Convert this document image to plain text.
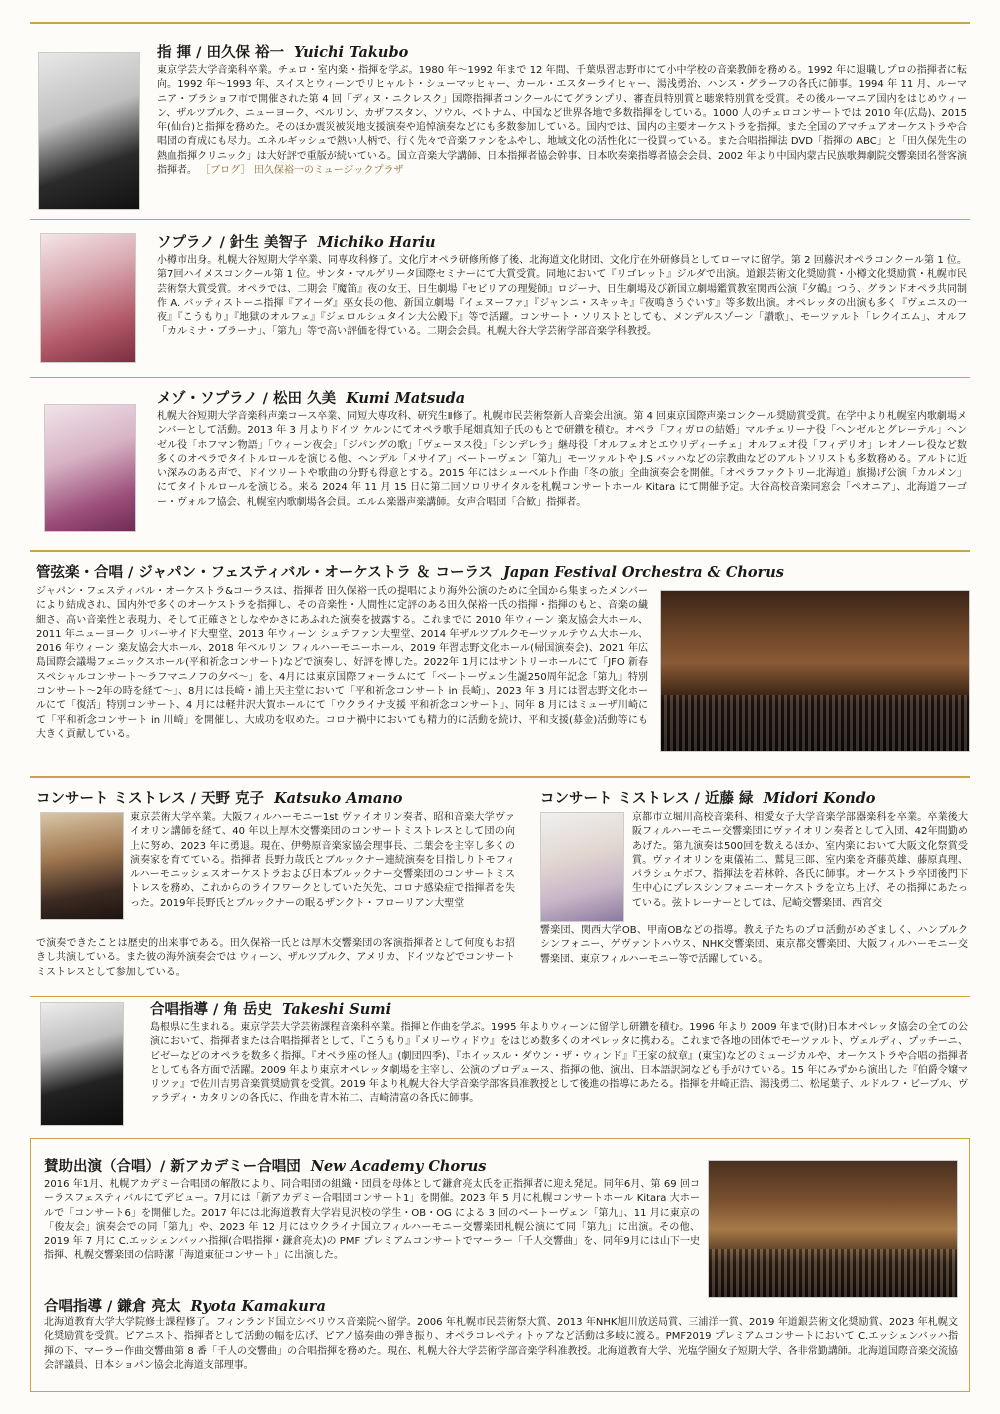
指 揮 / 田久保 裕一 Yuichi Takubo
東京学芸大学音楽科卒業。チェロ・室内楽・指揮を学ぶ。1980 年～1992 年まで 12 年間、千葉県習志野市にて小中学校の音楽教師を務める。1992 年に退職しプロの指揮者に転向。1992 年～1993 年、スイスとウィーンでリヒャルト・シューマッヒャー、カール・エスターライヒャー、湯浅勇治、ハンス・グラーフの各氏に師事。1994 年 11 月、ルーマニア・ブラショフ市で開催された第 4 回「ディヌ・ニクレスク」国際指揮者コンクールにてグランプリ、審査員特別賞と聴衆特別賞を受賞。その後ルーマニア国内をはじめウィーン、ザルツブルク、ニューヨーク、ベルリン、カザフスタン、ソウル、ベトナム、中国など世界各地で多数指揮をしている。1000 人のチェロコンサートでは 2010 年(広島)、2015 年(仙台)と指揮を務めた。そのほか震災被災地支援演奏や追悼演奏などにも多数参加している。国内では、国内の主要オーケストラを指揮。また全国のアマチュアオーケストラや合唱団の育成にも尽力。エネルギッシュで熱い人柄で、行く先々で音楽ファンをふやし、地域文化の活性化に一役買っている。また合唱指揮法 DVD「指揮の ABC」と「田久保先生の熱血指揮クリニック」は大好評で重版が続いている。国立音楽大学講師、日本指揮者協会幹事、日本吹奏楽指導者協会会員、2002 年より中国内蒙古民族歌舞劇院交響楽団名誉客演指揮者。 ［ブログ］ 田久保裕一のミュージックプラザ
ソプラノ / 針生 美智子 Michiko Hariu
小樽市出身。札幌大谷短期大学卒業、同専攻科修了。文化庁オペラ研修所修了後、北海道文化財団、文化庁在外研修員としてローマに留学。第 2 回藤沢オペラコンクール第 1 位。第7回ハイメスコンクール第 1 位。サンタ・マルゲリータ国際セミナーにて大賞受賞。同地において『リゴレット』ジルダで出演。道銀芸術文化奨励賞・小樽文化奨励賞・札幌市民芸術祭大賞受賞。オペラでは、二期会『魔笛』夜の女王、日生劇場『セビリアの理髪師』ロジーナ、日生劇場及び新国立劇場鑑賞教室関西公演『夕鶴』つう、グランドオペラ共同制作 A. バッティストーニ指揮『アイーダ』巫女長の他、新国立劇場『イェヌーファ』『ジャンニ・スキッキ』『夜鳴きうぐいす』等多数出演。オペレッタの出演も多く『ヴェニスの一夜』『こうもり』『地獄のオルフェ』『ジェロルシュタイン大公殿下』等で活躍。コンサート・ソリストとしても、メンデルスゾーン「讃歌」、モーツァルト「レクイエム」、オルフ「カルミナ・ブラーナ」、「第九」等で高い評価を得ている。二期会会員。札幌大谷大学芸術学部音楽学科教授。
メゾ・ソプラノ / 松田 久美 Kumi Matsuda
札幌大谷短期大学音楽科声楽コース卒業、同短大専攻科、研究生Ⅱ修了。札幌市民芸術祭新人音楽会出演。第 4 回東京国際声楽コンクール奨励賞受賞。在学中より札幌室内歌劇場メンバーとして活動。2013 年 3 月よりドイツ ケルンにてオペラ歌手尾畑真知子氏のもとで研鑽を積む。オペラ「フィガロの結婚」マルチェリーナ役「ヘンゼルとグレーテル」ヘンゼル役「ホフマン物語」「ウィーン夜会」「ジパングの歌」「ヴェーヌス役」「シンデレラ」継母役「オルフェオとエウリディーチェ」オルフェオ役「フィデリオ」レオノーレ役など数多くのオペラでタイトルロールを演じる他、ヘンデル「メサイア」ベートーヴェン「第九」モーツァルトや J.S バッハなどの宗教曲などのアルトソリストも多数務める。アルトに近い深みのある声で、ドイツリートや歌曲の分野も得意とする。2015 年にはシューベルト作曲「冬の旅」全曲演奏会を開催。「オペラファクトリー北海道」旗揚げ公演「カルメン」にてタイトルロールを演じる。来る 2024 年 11 月 15 日に第二回ソロリサイタルを札幌コンサートホール Kitara にて開催予定。大谷高校音楽同窓会「ペオニア」、北海道フーゴー・ヴォルフ協会、札幌室内歌劇場各会員。エルム楽器声楽講師。女声合唱団「合歓」指揮者。
管弦楽・合唱 / ジャパン・フェスティバル・オーケストラ ＆ コーラス Japan Festival Orchestra & Chorus
ジャパン・フェスティバル・オーケストラ&コーラスは、指揮者 田久保裕一氏の提唱により海外公演のために全国から集まったメンバーにより結成され、国内外で多くのオーケストラを指揮し、その音楽性・人間性に定評のある田久保裕一氏の指揮・指揮のもと、音楽の繊細さ、高い音楽性と表現力、そして正確さとしなやかさにあふれた演奏を披露する。これまでに 2010 年ウィーン 楽友協会大ホール、2011 年ニューヨーク リバーサイド大聖堂、2013 年ウィーン シュテファン大聖堂、2014 年ザルツブルクモーツァルテウム大ホール、2016 年ウィーン 楽友協会大ホール、2018 年ベルリン フィルハーモニーホール、2019 年習志野文化ホール(帰国演奏会)、2021 年広島国際会議場フェニックスホール(平和祈念コンサート)などで演奏し、好評を博した。2022年 1月にはサントリーホールにて「JFO 新春スペシャルコンサート～ラフマニノフの夕べ～」を、4月には東京国際フォーラムにて「ベートーヴェン生誕250周年記念「第九」特別コンサート～2年の時を経て～」、8月には長崎・浦上天主堂において「平和祈念コンサート in 長崎」、2023 年 3 月には習志野文化ホールにて「復活」特別コンサート、4 月には軽井沢大賀ホールにて「ウクライナ支援 平和祈念コンサート」、同年 8 月にはミューザ川崎にて「平和祈念コンサート in 川崎」を開催し、大成功を収めた。コロナ禍中においても精力的に活動を続け、平和支援(募金)活動等にも大きく貢献している。
コンサート ミストレス / 天野 克子 Katsuko Amano
東京芸術大学卒業。大阪フィルハーモニー1st ヴァイオリン奏者、昭和音楽大学ヴァイオリン講師を経て、40 年以上厚木交響楽団のコンサートミストレスとして団の向上に努め、2023 年に勇退。現在、伊勢原音楽家協会理事長、二葉会を主宰し多くの演奏家を育てている。指揮者 長野力哉氏とブルックナー連続演奏を目指しりトモフィルハーモニッシェスオーケストラおよび日本ブルックナー交響楽団のコンサートミストレスを務め、これからのライフワークとしていた矢先、コロナ感染症で指揮者を失った。2019年長野氏とブルックナーの眠るザンクト・フローリアン大聖堂
で演奏できたことは歴史的出来事である。田久保裕一氏とは厚木交響楽団の客演指揮者として何度もお招きし共演している。また彼の海外演奏会では ウィーン、ザルツブルク、アメリカ、ドイツなどでコンサートミストレスとして参加している。
コンサート ミストレス / 近藤 緑 Midori Kondo
京都市立堀川高校音楽科、相愛女子大学音楽学部器楽科を卒業。卒業後大阪フィルハーモニー交響楽団にヴァイオリン奏者として入団、42年間勤めあげた。第九演奏は500回を数えるほか、室内楽において大阪文化祭賞受賞。ヴァイオリンを東儀祐二、鷲見三郎、室内楽を斉藤英雄、藤原真理、パラシュケボフ、指揮法を若林幹、各氏に師事。オーケストラ卒団後門下生中心にプレスシンフォニーオーケストラを立ち上げ、その指揮にあたっている。弦トレーナーとしては、尼崎交響楽団、西宮交
響楽団、関西大学OB、甲南OBなどの指導。教え子たちのプロ活動がめざましく、ハンブルクシンフォニー、ゲヴァントハウス、NHK交響楽団、東京都交響楽団、大阪フィルハーモニー交響楽団、東京フィルハーモニー等で活躍している。
合唱指導 / 角 岳史 Takeshi Sumi
島根県に生まれる。東京学芸大学芸術課程音楽科卒業。指揮と作曲を学ぶ。1995 年よりウィーンに留学し研鑽を積む。1996 年より 2009 年まで(財)日本オペレッタ協会の全ての公演において、指揮者または合唱指揮者として、『こうもり』『メリーウィドウ』をはじめ数多くのオペレッタに携わる。これまで各地の団体でモーツァルト、ヴェルディ、プッチーニ、ビゼーなどのオペラを数多く指揮。『オペラ座の怪人』(劇団四季)、『ホイッスル・ダウン・ザ・ウィンド』『王家の紋章』(東宝)などのミュージカルや、オーケストラや合唱の指揮者としても各方面で活躍。2009 年より東京オペレッタ劇場を主宰し、公演のプロデュース、指揮の他、演出、日本語訳詞なども手がけている。15 年にみずから演出した『伯爵令嬢マリツァ』で佐川吉男音楽賞奨励賞を受賞。2019 年より札幌大谷大学音楽学部客員准教授として後進の指導にあたる。指揮を井崎正浩、湯浅勇二、松尾葉子、ルドルフ・ビーブル、ヴァラディ・カタリンの各氏に、作曲を青木祐二、吉崎清富の各氏に師事。
賛助出演（合唱）/ 新アカデミー合唱団 New Academy Chorus
2016 年1月、札幌アカデミー合唱団の解散により、同合唱団の組織・団員を母体として鎌倉亮太氏を正指揮者に迎え発足。同年6月、第 69 回コーラスフェスティバルにてデビュー。7月には「新アカデミー合唱団コンサート1」を開催。2023 年 5 月に札幌コンサートホール Kitara 大ホールで「コンサート6」を開催した。2017 年には北海道教育大学岩見沢校の学生・OB・OG による 3 回のベートーヴェン「第九」、11 月に東京の「俊友会」演奏会での同「第九」や、2023 年 12 月にはウクライナ国立フィルハーモニー交響楽団札幌公演にて同「第九」に出演。その他、2019 年 7 月に C.エッシェンバッハ指揮(合唱指揮・鎌倉亮太)の PMF プレミアムコンサートでマーラー「千人交響曲」を、同年9月には山下一史指揮、札幌交響楽団の信時潔「海道東征コンサート」に出演した。
合唱指導 / 鎌倉 亮太 Ryota Kamakura
北海道教育大学大学院修士課程修了。フィンランド国立シベリウス音楽院へ留学。2006 年札幌市民芸術祭大賞、2013 年NHK旭川放送局賞、三浦洋一賞、2019 年道銀芸術文化奨励賞、2023 年札幌文化奨励賞を受賞。ピアニスト、指揮者として活動の幅を広げ、ピアノ協奏曲の弾き振り、オペラコレペティトゥアなど活動は多岐に渡る。PMF2019 プレミアムコンサートにおいて C.エッシェンバッハ指揮の下、マーラー作曲交響曲第 8 番「千人の交響曲」の合唱指揮を務めた。現在、札幌大谷大学芸術学部音楽学科准教授。北海道教育大学、光塩学園女子短期大学、各非常勤講師。北海道国際音楽交流協会評議員、日本ショパン協会北海道支部理事。
